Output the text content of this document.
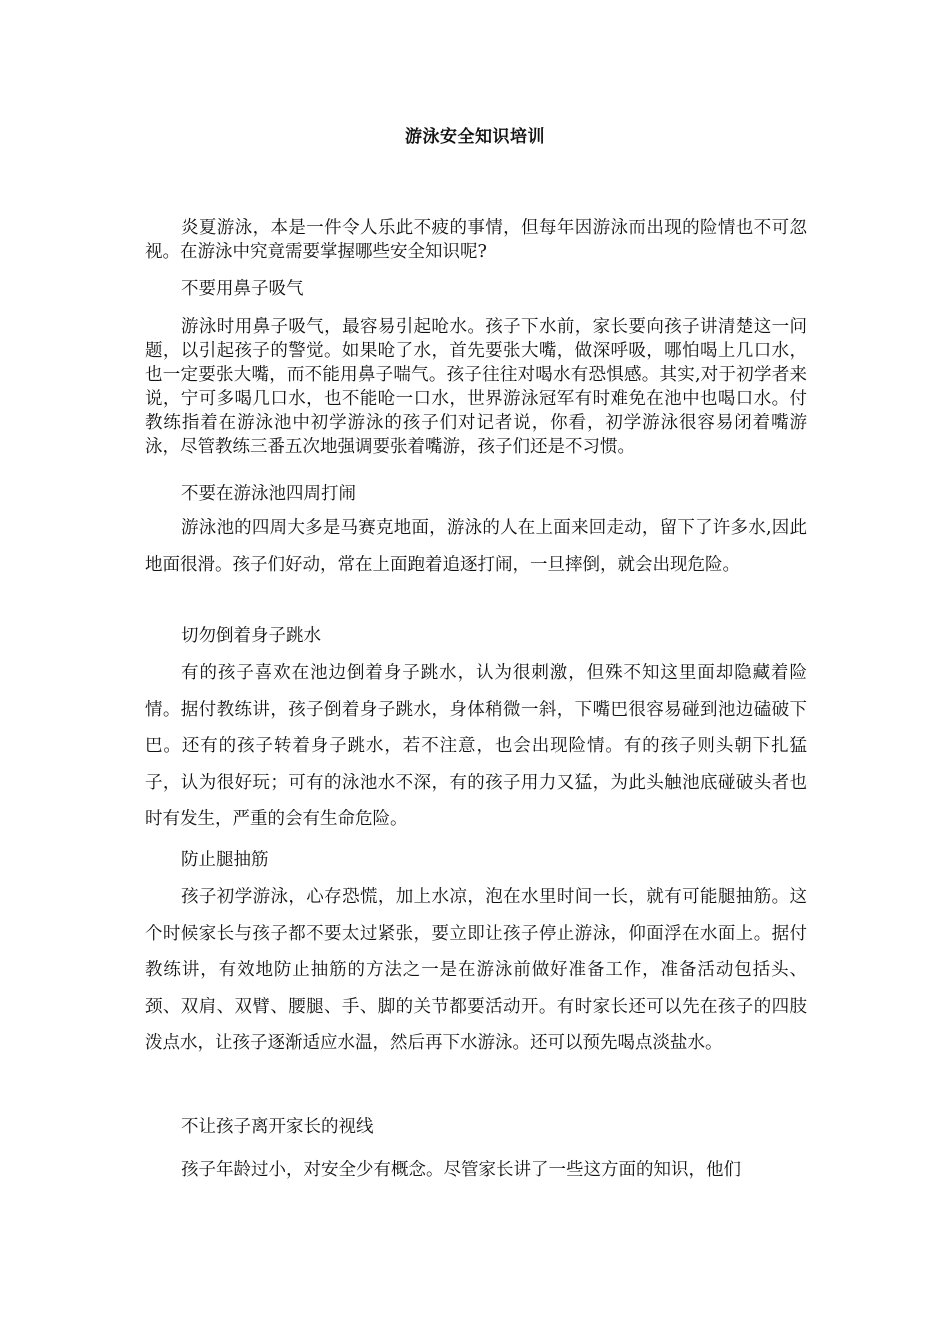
游泳安全知识培训

炎夏游泳，本是一件令人乐此不疲的事情，但每年因游泳而出现的险情也不可忽视。在游泳中究竟需要掌握哪些安全知识呢?

不要用鼻子吸气

游泳时用鼻子吸气，最容易引起呛水。孩子下水前，家长要向孩子讲清楚这一问题，以引起孩子的警觉。如果呛了水，首先要张大嘴，做深呼吸，哪怕喝上几口水，也一定要张大嘴，而不能用鼻子喘气。孩子往往对喝水有恐惧感。其实,对于初学者来说，宁可多喝几口水，也不能呛一口水，世界游泳冠军有时难免在池中也喝口水。付教练指着在游泳池中初学游泳的孩子们对记者说，你看，初学游泳很容易闭着嘴游泳，尽管教练三番五次地强调要张着嘴游，孩子们还是不习惯。

不要在游泳池四周打闹

游泳池的四周大多是马赛克地面，游泳的人在上面来回走动，留下了许多水,因此地面很滑。孩子们好动，常在上面跑着追逐打闹，一旦摔倒，就会出现危险。

切勿倒着身子跳水

有的孩子喜欢在池边倒着身子跳水，认为很刺激，但殊不知这里面却隐藏着险情。据付教练讲，孩子倒着身子跳水，身体稍微一斜，下嘴巴很容易碰到池边磕破下巴。还有的孩子转着身子跳水，若不注意，也会出现险情。有的孩子则头朝下扎猛子，认为很好玩；可有的泳池水不深，有的孩子用力又猛，为此头触池底碰破头者也时有发生，严重的会有生命危险。

防止腿抽筋

孩子初学游泳，心存恐慌，加上水凉，泡在水里时间一长，就有可能腿抽筋。这个时候家长与孩子都不要太过紧张，要立即让孩子停止游泳，仰面浮在水面上。据付教练讲，有效地防止抽筋的方法之一是在游泳前做好准备工作，准备活动包括头、颈、双肩、双臂、腰腿、手、脚的关节都要活动开。有时家长还可以先在孩子的四肢泼点水，让孩子逐渐适应水温，然后再下水游泳。还可以预先喝点淡盐水。

不让孩子离开家长的视线

孩子年龄过小，对安全少有概念。尽管家长讲了一些这方面的知识，他们
